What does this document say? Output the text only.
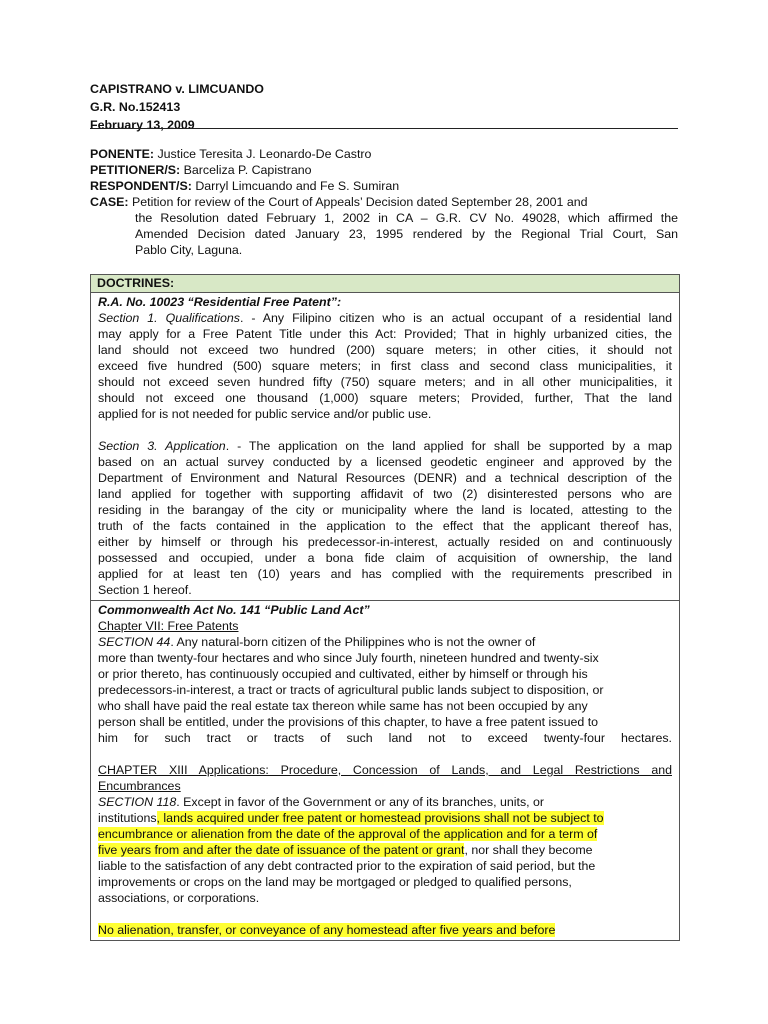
CAPISTRANO v. LIMCUANDO
G.R. No.152413
February 13, 2009
PONENTE: Justice Teresita J. Leonardo-De Castro
PETITIONER/S: Barceliza P. Capistrano
RESPONDENT/S: Darryl Limcuando and Fe S. Sumiran
CASE: Petition for review of the Court of Appeals’ Decision dated September 28, 2001 and
the Resolution dated February 1, 2002 in CA – G.R. CV No. 49028, which affirmed the
Amended Decision dated January 23, 1995 rendered by the Regional Trial Court, San
Pablo City, Laguna.
DOCTRINES:

R.A. No. 10023 “Residential Free Patent”:

Section 1. Qualifications. - Any Filipino citizen who is an actual occupant of a residential land

may apply for a Free Patent Title under this Act: Provided; That in highly urbanized cities, the

land should not exceed two hundred (200) square meters; in other cities, it should not

exceed five hundred (500) square meters; in first class and second class municipalities, it

should not exceed seven hundred fifty (750) square meters; and in all other municipalities, it

should not exceed one thousand (1,000) square meters; Provided, further, That the land

applied for is not needed for public service and/or public use.

Section 3. Application. - The application on the land applied for shall be supported by a map

based on an actual survey conducted by a licensed geodetic engineer and approved by the

Department of Environment and Natural Resources (DENR) and a technical description of the

land applied for together with supporting affidavit of two (2) disinterested persons who are

residing in the barangay of the city or municipality where the land is located, attesting to the

truth of the facts contained in the application to the effect that the applicant thereof has,

either by himself or through his predecessor-in-interest, actually resided on and continuously

possessed and occupied, under a bona fide claim of acquisition of ownership, the land

applied for at least ten (10) years and has complied with the requirements prescribed in

Section 1 hereof.

Commonwealth Act No. 141 “Public Land Act”

Chapter VII: Free Patents

SECTION 44. Any natural-born citizen of the Philippines who is not the owner of

more than twenty-four hectares and who since July fourth, nineteen hundred and twenty-six

or prior thereto, has continuously occupied and cultivated, either by himself or through his

predecessors-in-interest, a tract or tracts of agricultural public lands subject to disposition, or

who shall have paid the real estate tax thereon while same has not been occupied by any

person shall be entitled, under the provisions of this chapter, to have a free patent issued to

him for such tract or tracts of such land not to exceed twenty-four hectares.

CHAPTER XIII Applications: Procedure, Concession of Lands, and Legal Restrictions and

Encumbrances

SECTION 118. Except in favor of the Government or any of its branches, units, or

institutions, lands acquired under free patent or homestead provisions shall not be subject to

encumbrance or alienation from the date of the approval of the application and for a term of

five years from and after the date of issuance of the patent or grant, nor shall they become

liable to the satisfaction of any debt contracted prior to the expiration of said period, but the

improvements or crops on the land may be mortgaged or pledged to qualified persons,

associations, or corporations.

No alienation, transfer, or conveyance of any homestead after five years and before
